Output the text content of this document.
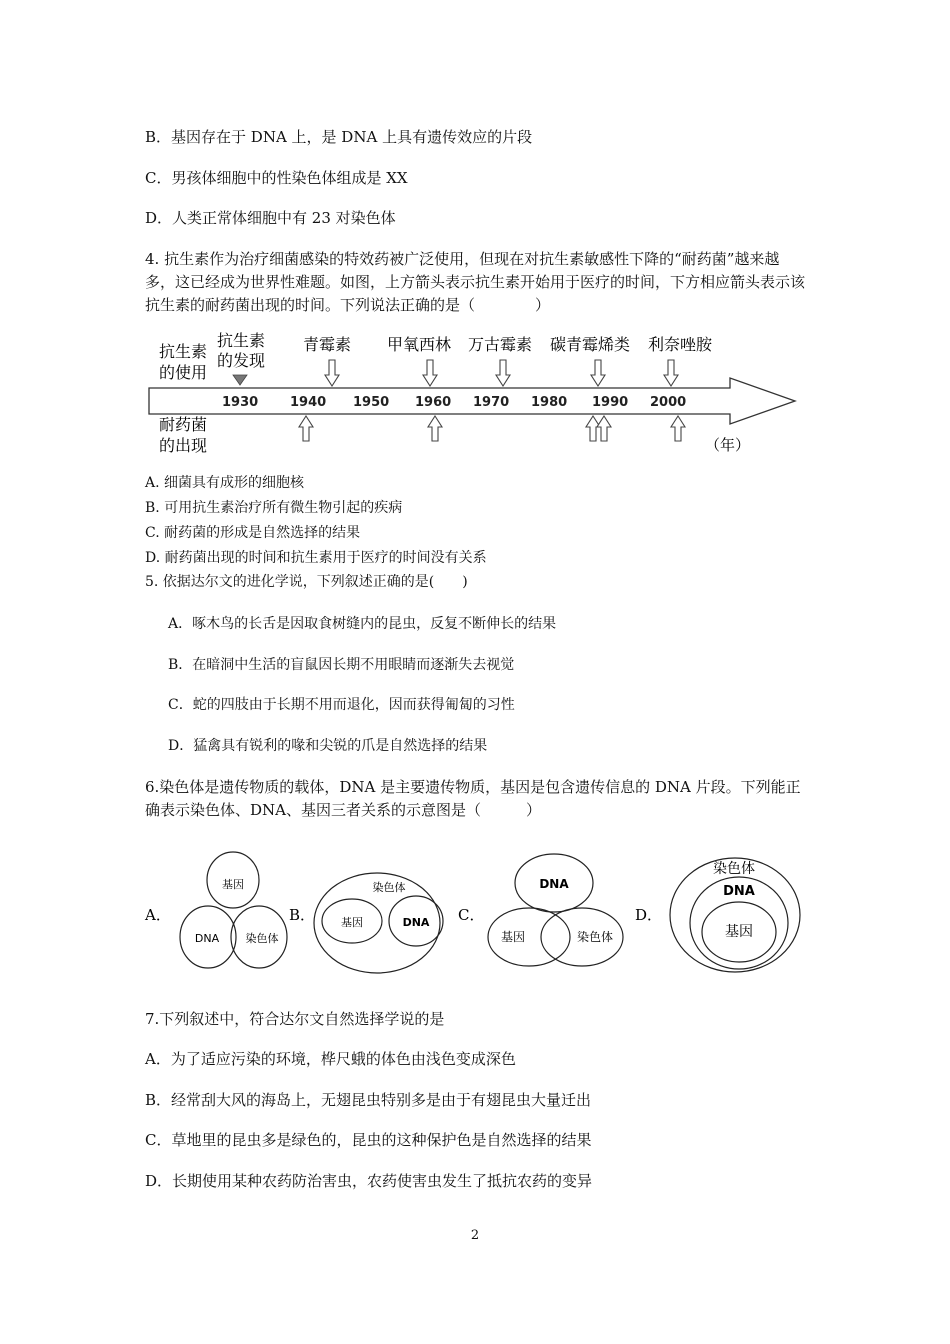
B．基因存在于 DNA 上，是 DNA 上具有遗传效应的片段
C．男孩体细胞中的性染色体组成是 XX
D．人类正常体细胞中有 23 对染色体
4. 抗生素作为治疗细菌感染的特效药被广泛使用，但现在对抗生素敏感性下降的“耐药菌”越来越多，这已经成为世界性难题。如图，上方箭头表示抗生素开始用于医疗的时间，下方相应箭头表示该抗生素的耐药菌出现的时间。下列说法正确的是（　　　　）
抗生素
的使用
抗生素
的发现
耐药菌
的出现
1930 1940 1950 1960 1970 1980 1990 2000
青霉素 甲氧西林 万古霉素 碳青霉烯类 利奈唑胺
（年）
A. 细菌具有成形的细胞核
B. 可用抗生素治疗所有微生物引起的疾病
C. 耐药菌的形成是自然选择的结果
D. 耐药菌出现的时间和抗生素用于医疗的时间没有关系
5. 依据达尔文的进化学说，下列叙述正确的是(　　)
A．啄木鸟的长舌是因取食树缝内的昆虫，反复不断伸长的结果
B．在暗洞中生活的盲鼠因长期不用眼睛而逐渐失去视觉
C．蛇的四肢由于长期不用而退化，因而获得匍匐的习性
D．猛禽具有锐利的喙和尖锐的爪是自然选择的结果
6.染色体是遗传物质的载体，DNA 是主要遗传物质，基因是包含遗传信息的 DNA 片段。下列能正确表示染色体、DNA、基因三者关系的示意图是（　　　）
A．	B．	C．	D．
基因
DNA 染色体
染色体
基因	DNA
DNA
基因	染色体
染色体
DNA
基因
7.下列叙述中，符合达尔文自然选择学说的是
A．为了适应污染的环境，桦尺蛾的体色由浅色变成深色
B．经常刮大风的海岛上，无翅昆虫特别多是由于有翅昆虫大量迁出
C．草地里的昆虫多是绿色的，昆虫的这种保护色是自然选择的结果
D．长期使用某种农药防治害虫，农药使害虫发生了抵抗农药的变异
2
